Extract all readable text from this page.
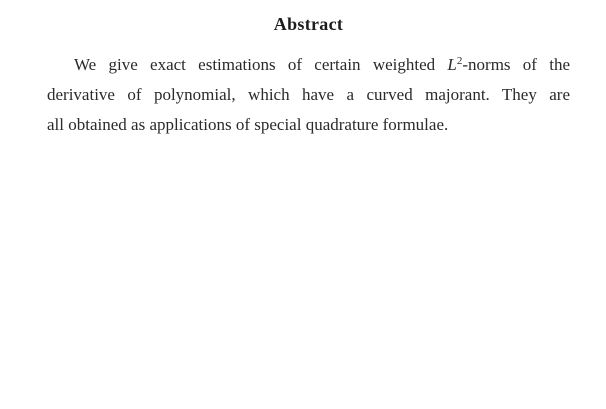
Abstract

We give exact estimations of certain weighted $L^2$-norms of the

derivative of polynomial, which have a curved majorant. They are

all obtained as applications of special quadrature formulae.
